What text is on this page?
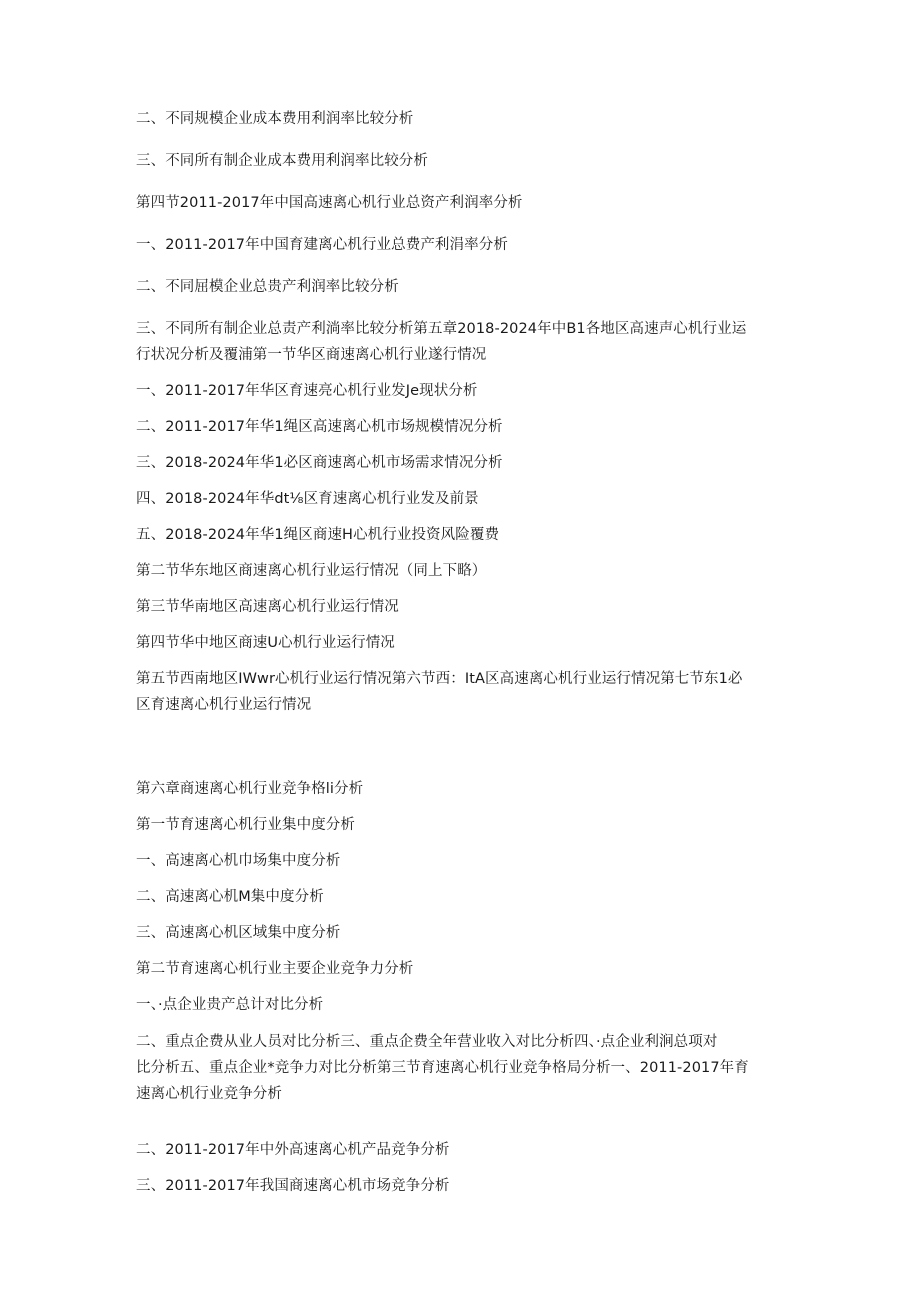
二、不同规模企业成本费用利润率比较分析
三、不同所有制企业成本费用利润率比较分析
第四节2011-2017年中国高速离心机行业总资产利润率分析
一、2011-2017年中国育建离心机行业总费产利涓率分析
二、不同屈模企业总贵产利润率比较分析
三、不同所有制企业总责产利淌率比较分析第五章2018-2024年中B1各地区高速声心机行业运
行状况分析及覆浦第一节华区商速离心机行业遂行情况
一、2011-2017年华区育速亮心机行业发Je现状分析
二、2011-2017年华1绳区高速离心机市场规模情况分析
三、2018-2024年华1必区商速离心机市场需求情况分析
四、2018-2024年华dt⅛区育速离心机行业发及前景
五、2018-2024年华1绳区商速H心机行业投资风险覆费
第二节华东地区商速离心机行业运行情况（同上下略）
第三节华南地区高速离心机行业运行情况
第四节华中地区商速U心机行业运行情况
第五节西南地区IWwr心机行业运行情况第六节西：ItA区高速离心机行业运行情况第七节东1必
区育速离心机行业运行情况
第六章商速离心机行业竞争格li分析
第一节育速离心机行业集中度分析
一、高速离心机巾场集中度分析
二、高速离心机M集中度分析
三、高速离心机区域集中度分析
第二节育速离心机行业主要企业竞争力分析
一、·点企业贵产总计对比分析
二、重点企费从业人员对比分析三、重点企费全年营业收入对比分析四、·点企业利涧总项对
比分析五、重点企业*竞争力对比分析第三节育速离心机行业竞争格局分析一、2011-2017年育
速离心机行业竞争分析
二、2011-2017年中外高速离心机产品竞争分析
三、2011-2017年我国商速离心机市场竞争分析
